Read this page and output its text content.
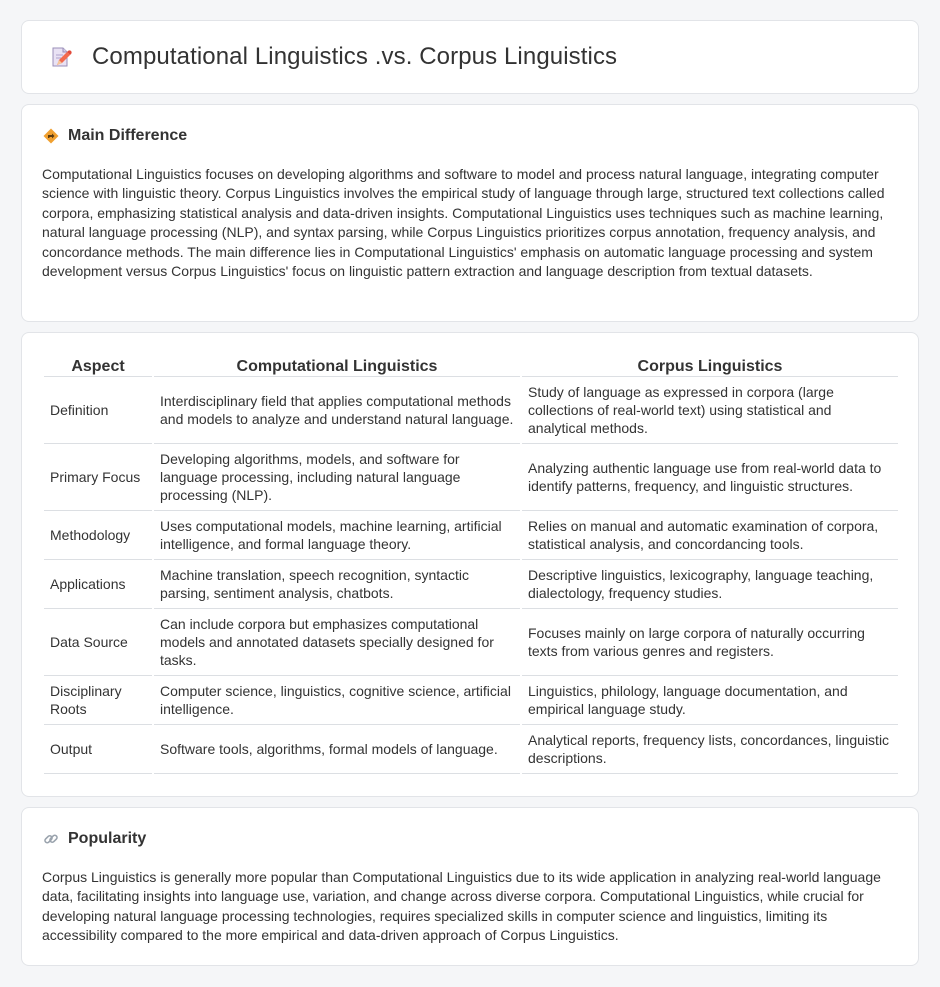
Computational Linguistics .vs. Corpus Linguistics
Main Difference

Computational Linguistics focuses on developing algorithms and software to model and process natural language, integrating computer science with linguistic theory. Corpus Linguistics involves the empirical study of language through large, structured text collections called corpora, emphasizing statistical analysis and data-driven insights. Computational Linguistics uses techniques such as machine learning, natural language processing (NLP), and syntax parsing, while Corpus Linguistics prioritizes corpus annotation, frequency analysis, and concordance methods. The main difference lies in Computational Linguistics' emphasis on automatic language processing and system development versus Corpus Linguistics' focus on linguistic pattern extraction and language description from textual datasets.

Aspect	Computational Linguistics	Corpus Linguistics
Definition	Interdisciplinary field that applies computational methods and models to analyze and understand natural language.	Study of language as expressed in corpora (large collections of real-world text) using statistical and analytical methods.
Primary Focus	Developing algorithms, models, and software for language processing, including natural language processing (NLP).	Analyzing authentic language use from real-world data to identify patterns, frequency, and linguistic structures.
Methodology	Uses computational models, machine learning, artificial intelligence, and formal language theory.	Relies on manual and automatic examination of corpora, statistical analysis, and concordancing tools.
Applications	Machine translation, speech recognition, syntactic parsing, sentiment analysis, chatbots.	Descriptive linguistics, lexicography, language teaching, dialectology, frequency studies.
Data Source	Can include corpora but emphasizes computational models and annotated datasets specially designed for tasks.	Focuses mainly on large corpora of naturally occurring texts from various genres and registers.
Disciplinary Roots	Computer science, linguistics, cognitive science, artificial intelligence.	Linguistics, philology, language documentation, and empirical language study.
Output	Software tools, algorithms, formal models of language.	Analytical reports, frequency lists, concordances, linguistic descriptions.
Popularity

Corpus Linguistics is generally more popular than Computational Linguistics due to its wide application in analyzing real-world language data, facilitating insights into language use, variation, and change across diverse corpora. Computational Linguistics, while crucial for developing natural language processing technologies, requires specialized skills in computer science and linguistics, limiting its accessibility compared to the more empirical and data-driven approach of Corpus Linguistics.
